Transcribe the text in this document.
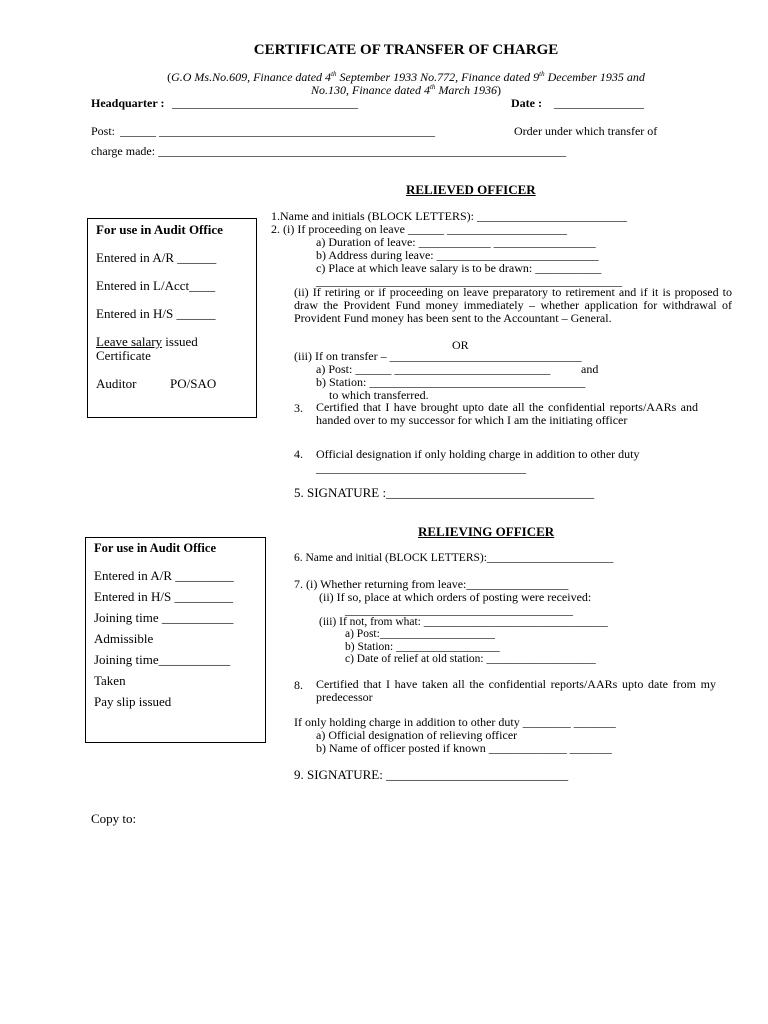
CERTIFICATE OF TRANSFER OF CHARGE
(G.O Ms.No.609, Finance dated 4th September 1933 No.772, Finance dated 9th December 1935 and
No.130, Finance dated 4th March 1936)
Headquarter : _______________________________	Date : _______________
Post: ______ ______________________________________________	Order under which transfer of
charge made: ____________________________________________________________________
RELIEVED OFFICER
1.Name and initials (BLOCK LETTERS): _________________________
2. (i) If proceeding on leave ______ ____________________
a) Duration of leave: ____________ _________________
b) Address during leave: ___________________________
c) Place at which leave salary is to be drawn: ___________
___________________________________________________
(ii) If retiring or if proceeding on leave preparatory to retirement and if it is proposed to draw the Provident Fund money immediately – whether application for withdrawal of Provident Fund money has been sent to the Accountant – General.
OR
(iii) If on transfer – ________________________________
a) Post: ______ __________________________	and
b) Station: ____________________________________
to which transferred.
3. Certified that I have brought upto date all the confidential reports/AARs and handed over to my successor for which I am the initiating officer
4. Official designation if only holding charge in addition to other duty
___________________________________
5. SIGNATURE :________________________________
For use in Audit Office
Entered in A/R ______
Entered in L/Acct____
Entered in H/S ______
Leave salary issued
Certificate
Auditor	PO/SAO
RELIEVING OFFICER
6. Name and initial (BLOCK LETTERS):______________________
7. (i) Whether returning from leave:_________________
(ii) If so, place at which orders of posting were received:
______________________________________
(iii) If not, from what: ________________________________
a) Post:____________________
b) Station: __________________
c) Date of relief at old station: ___________________
8. Certified that I have taken all the confidential reports/AARs upto date from my predecessor
If only holding charge in addition to other duty ________ _______
a) Official designation of relieving officer
b) Name of officer posted if known _____________ _______
9. SIGNATURE: ____________________________
For use in Audit Office
Entered in A/R _________
Entered in H/S _________
Joining time ___________
Admissible
Joining time___________
Taken
Pay slip issued
Copy to:
